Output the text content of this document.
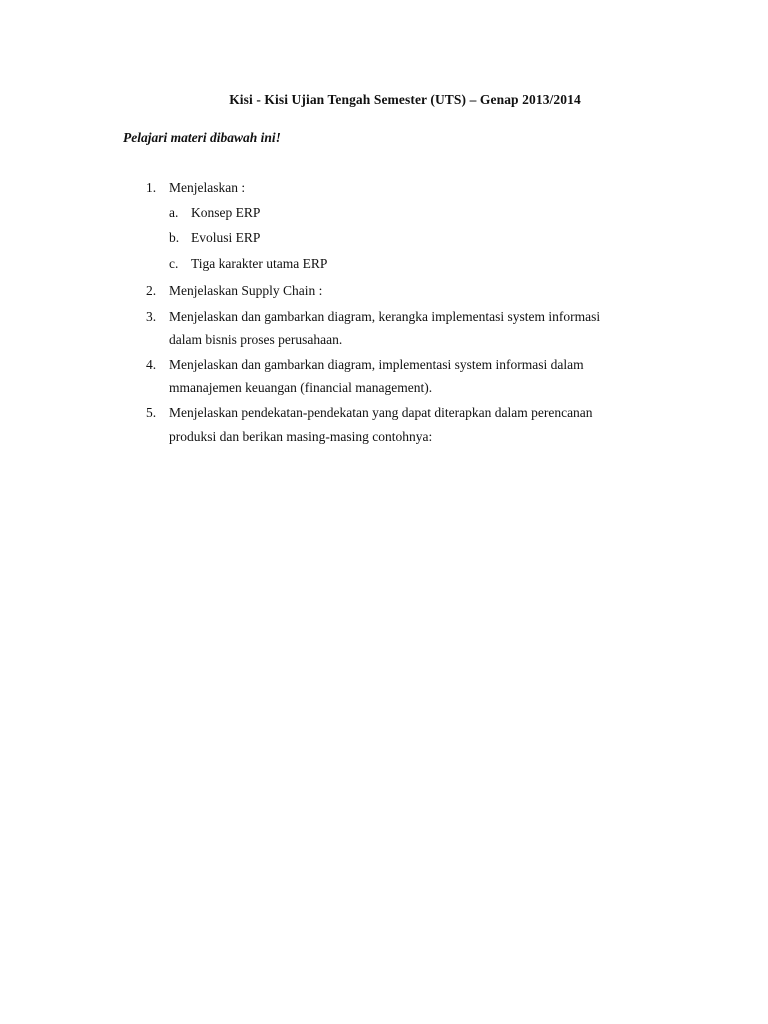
Kisi - Kisi Ujian Tengah Semester (UTS) – Genap 2013/2014
Pelajari materi dibawah ini!
1. Menjelaskan :
a. Konsep ERP
b. Evolusi ERP
c. Tiga karakter utama ERP
2. Menjelaskan Supply Chain :
3. Menjelaskan dan gambarkan diagram, kerangka implementasi system informasi
dalam bisnis proses perusahaan.
4. Menjelaskan dan gambarkan diagram, implementasi system informasi dalam
mmanajemen keuangan (financial management).
5. Menjelaskan pendekatan-pendekatan yang dapat diterapkan dalam perencanan
produksi dan berikan masing-masing contohnya:
